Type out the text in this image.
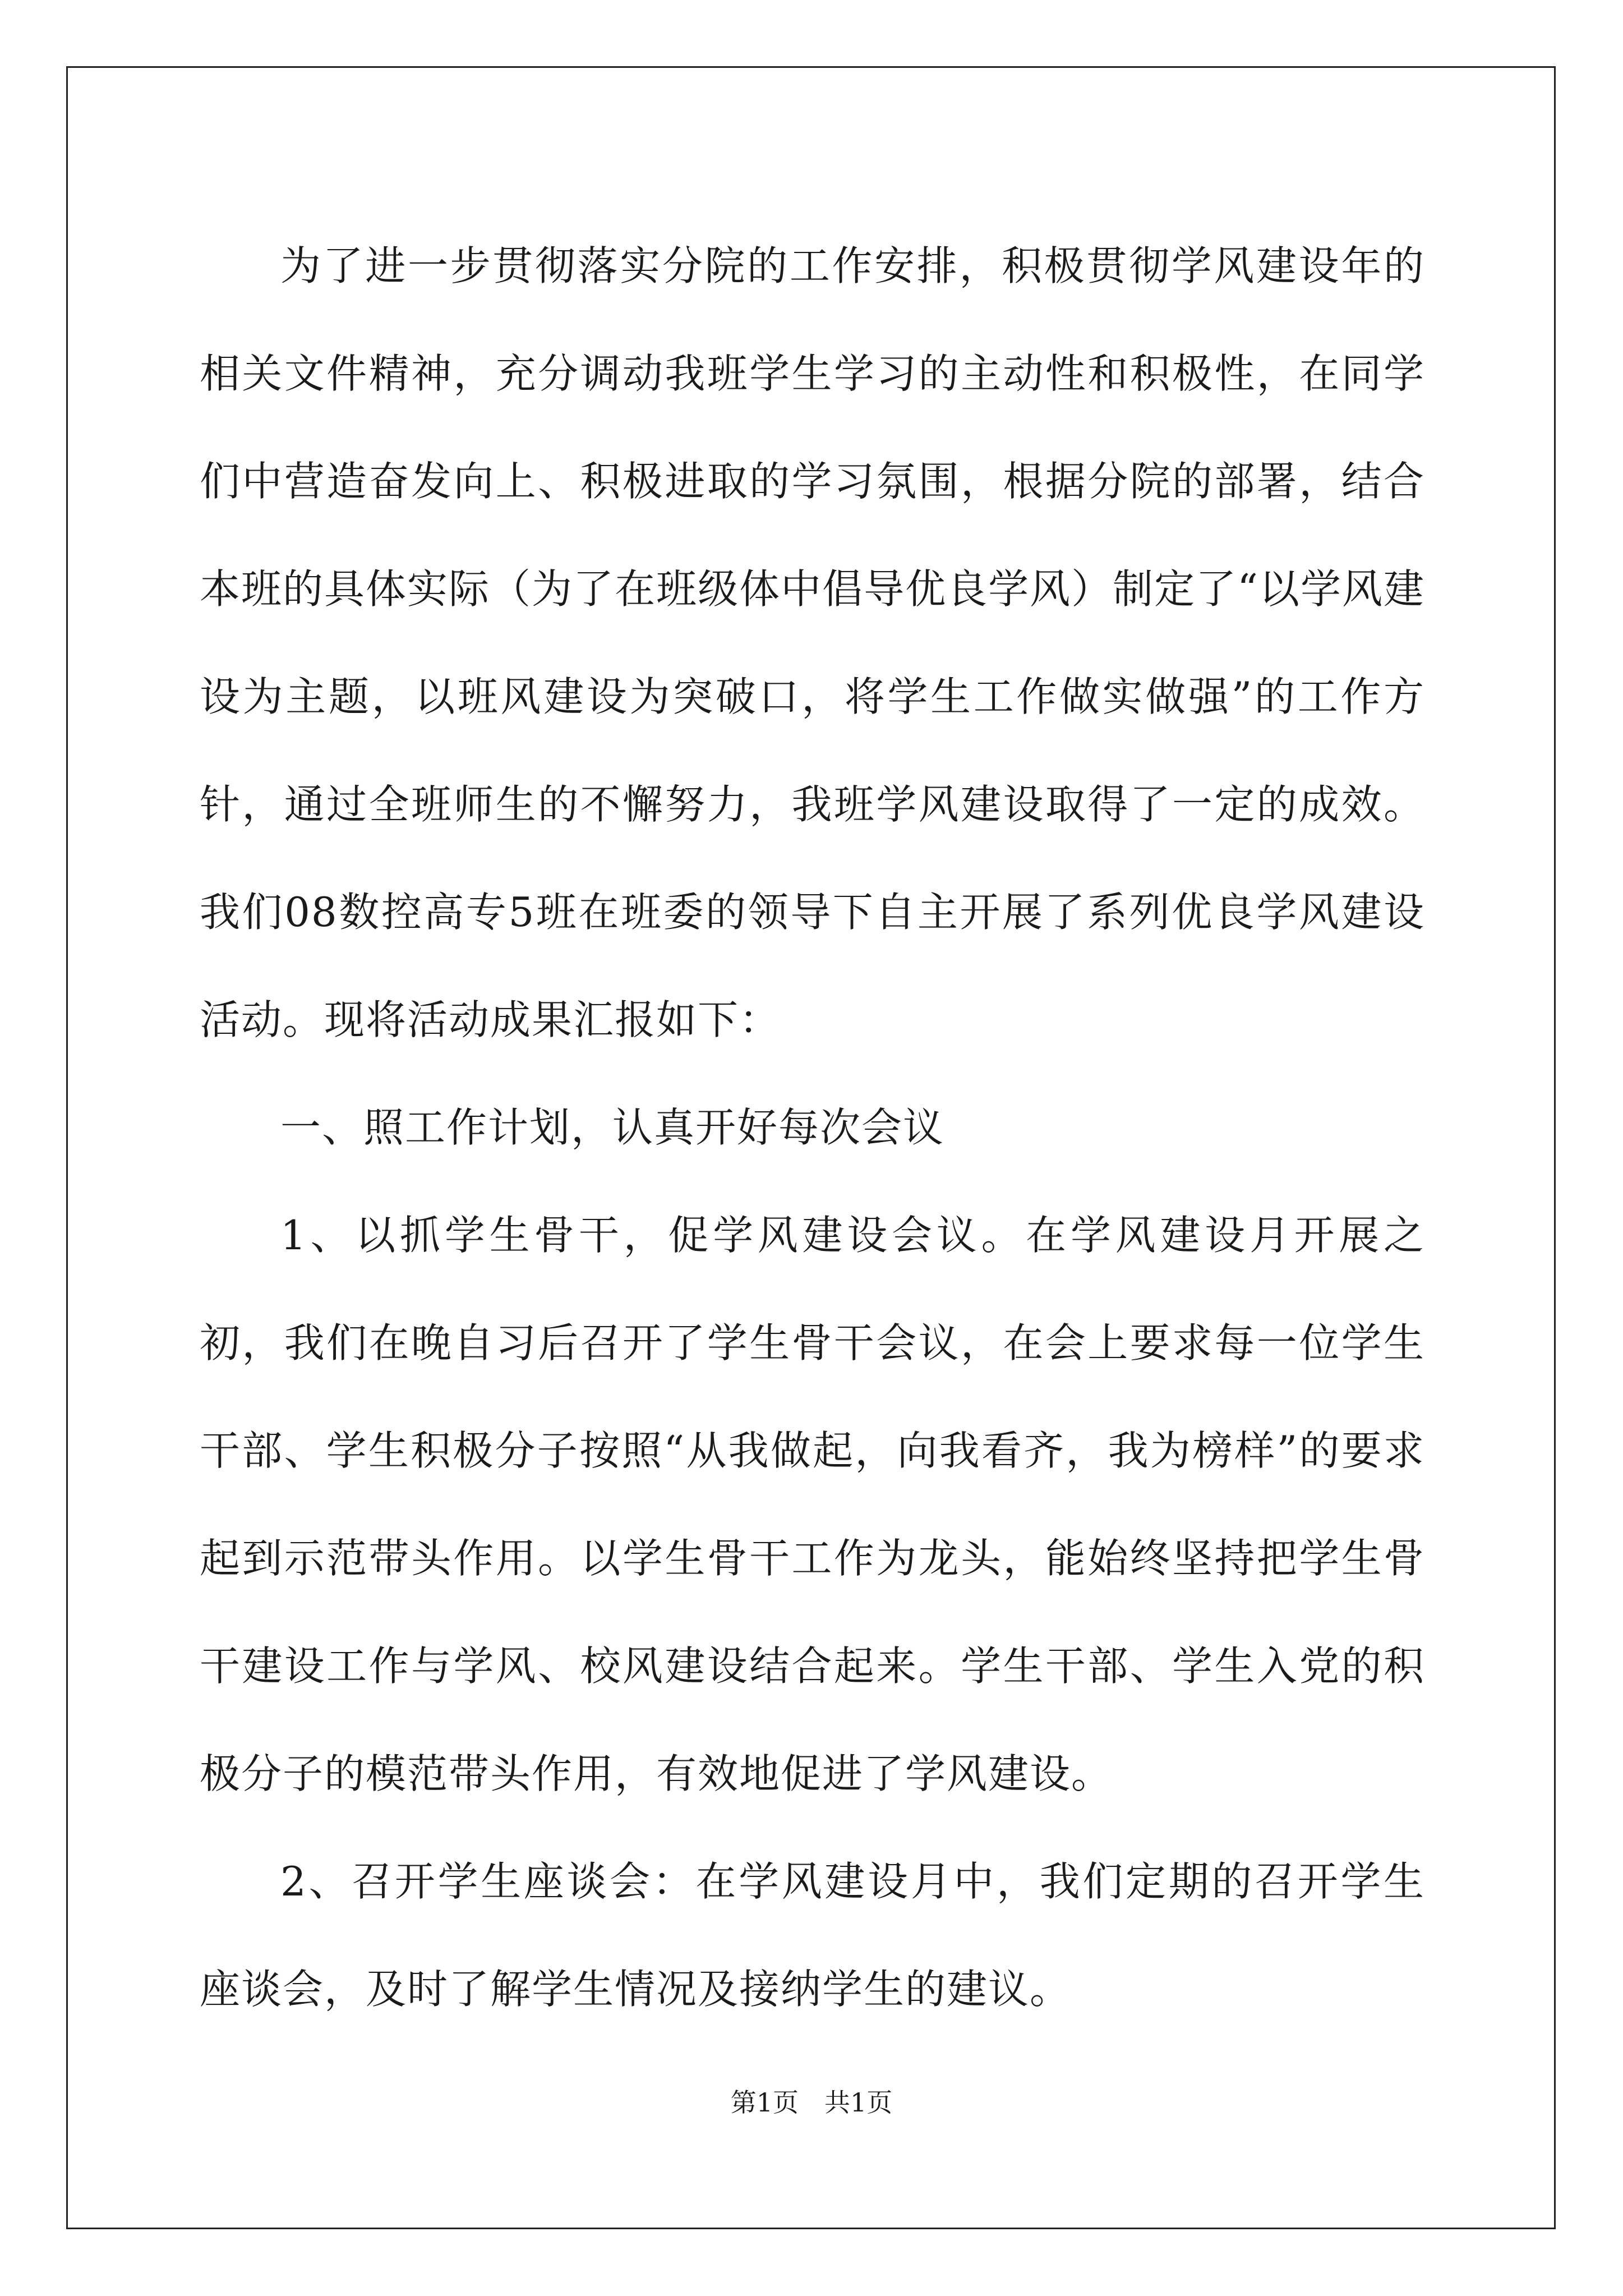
为了进一步贯彻落实分院的工作安排，积极贯彻学风建设年的相关文件精神，充分调动我班学生学习的主动性和积极性，在同学们中营造奋发向上、积极进取的学习氛围，根据分院的部署，结合本班的具体实际（为了在班级体中倡导优良学风）制定了“以学风建设为主题，以班风建设为突破口，将学生工作做实做强”的工作方针，通过全班师生的不懈努力，我班学风建设取得了一定的成效。我们08数控高专5班在班委的领导下自主开展了系列优良学风建设活动。现将活动成果汇报如下：

一、照工作计划，认真开好每次会议

1、以抓学生骨干，促学风建设会议。在学风建设月开展之初，我们在晚自习后召开了学生骨干会议，在会上要求每一位学生干部、学生积极分子按照“从我做起，向我看齐，我为榜样”的要求起到示范带头作用。以学生骨干工作为龙头，能始终坚持把学生骨干建设工作与学风、校风建设结合起来。学生干部、学生入党的积极分子的模范带头作用，有效地促进了学风建设。

2、召开学生座谈会：在学风建设月中，我们定期的召开学生座谈会，及时了解学生情况及接纳学生的建议。

第1页 共1页
